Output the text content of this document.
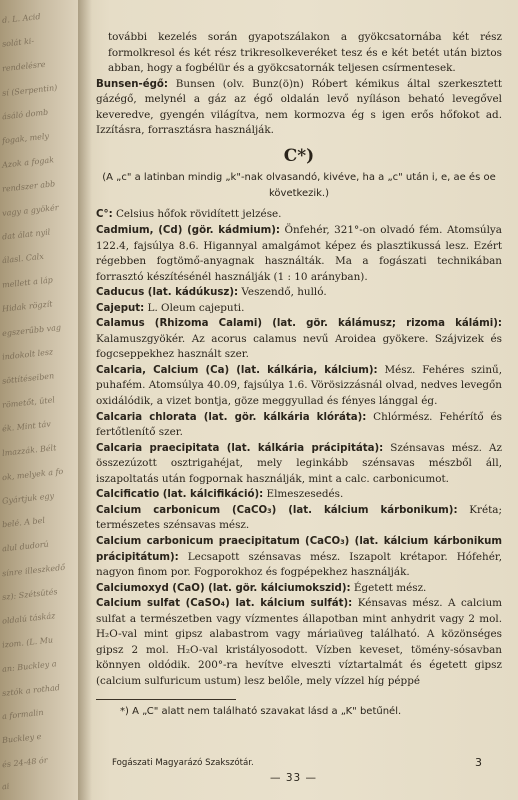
d. L. Acid
solát ki-
rendelésre
sí (Serpentin)
ásáló domb
fogak, mely
Azok a fogak
rendszer abb
vagy a gyökér
dat álat nyil
álasl. Calx
mellett a láp
Hidak rögzít
egszerűbb vag
indokolt lesz
söttítéseiben
römetőt, ütel
ék. Mint táv
lmazzák. Bélt
ok, melyek a fo
Gyártjuk egy
belé. A bel
alul dudorú
sínre illeszkedő
sz): Szétsütés
oldalú táskáz
izom. (L. Mu
an: Buckley a
sztók a rothad
a formalin
Buckley e
és 24-48 ór
ai

további kezelés során gyapotszálakon a gyökcsatornába két rész formolkresol és két rész trikresolkeveréket tesz és e két betét után biztos abban, hogy a fogbélür és a gyökcsatornák teljesen csírmentesek.

Bunsen-égő: Bunsen (olv. Bunz(ö)n) Róbert kémikus által szerkesztett gázégő, melynél a gáz az égő oldalán levő nyíláson beható levegővel keveredve, gyengén világítva, nem kormozva ég s igen erős hőfokot ad. Izzításra, forrasztásra használják.

C*)

(A „c" a latinban mindig „k"-nak olvasandó, kivéve, ha a „c" után i, e, ae és oe következik.)

C°: Celsius hőfok rövidített jelzése.

Cadmium, (Cd) (gör. kádmium): Önfehér, 321°-on olvadó fém. Atomsúlya 122.4, fajsúlya 8.6. Higannyal amalgámot képez és plasztikussá lesz. Ezért régebben fogtömő-anyagnak használták. Ma a fogászati technikában forrasztó készítésénél használják (1 : 10 arányban).

Caducus (lat. kádúkusz): Veszendő, hulló.

Cajeput: L. Oleum cajeputi.

Calamus (Rhizoma Calami) (lat. gör. kálámusz; rizoma kálámi): Kalamuszgyökér. Az acorus calamus nevű Aroidea gyökere. Szájvizek és fogcseppekhez használt szer.

Calcaria, Calcium (Ca) (lat. kálkária, kálcium): Mész. Fehéres szinű, puhafém. Atomsúlya 40.09, fajsúlya 1.6. Vörösizzásnál olvad, nedves levegőn oxidálódik, a vizet bontja, göze meggyullad és fényes lánggal ég.

Calcaria chlorata (lat. gör. kálkária klóráta): Chlórmész. Fehérítő és fertőtlenítő szer.

Calcaria praecipitata (lat. kálkária prácipitáta): Szénsavas mész. Az összezúzott osztrigahéjat, mely leginkább szénsavas mészből áll, iszapoltatás után fogpornak használják, mint a calc. carbonicumot.

Calcificatio (lat. kálcifikáció): Elmeszesedés.

Calcium carbonicum (CaCO₃) (lat. kálcium kárbonikum): Kréta; természetes szénsavas mész.

Calcium carbonicum praecipitatum (CaCO₃) (lat. kálcium kárbonikum prácipitátum): Lecsapott szénsavas mész. Iszapolt krétapor. Hófehér, nagyon finom por. Fogporokhoz és fogpépekhez használják.

Calciumoxyd (CaO) (lat. gör. kálciumokszid): Égetett mész.

Calcium sulfat (CaSO₄) lat. kálcium sulfát): Kénsavas mész. A calcium sulfat a természetben vagy vízmentes állapotban mint anhydrit vagy 2 mol. H₂O-val mint gipsz alabastrom vagy máriaüveg található. A közönséges gipsz 2 mol. H₂O-val kristályosodott. Vízben keveset, tömény-sósavban könnyen oldódik. 200°-ra hevítve elveszti víztartalmát és égetett gipsz (calcium sulfuricum ustum) lesz belőle, mely vízzel híg péppé

*) A „C" alatt nem található szavakat lásd a „K" betűnél.
Fogászati Magyarázó Szakszótár.	3
— 33 —
